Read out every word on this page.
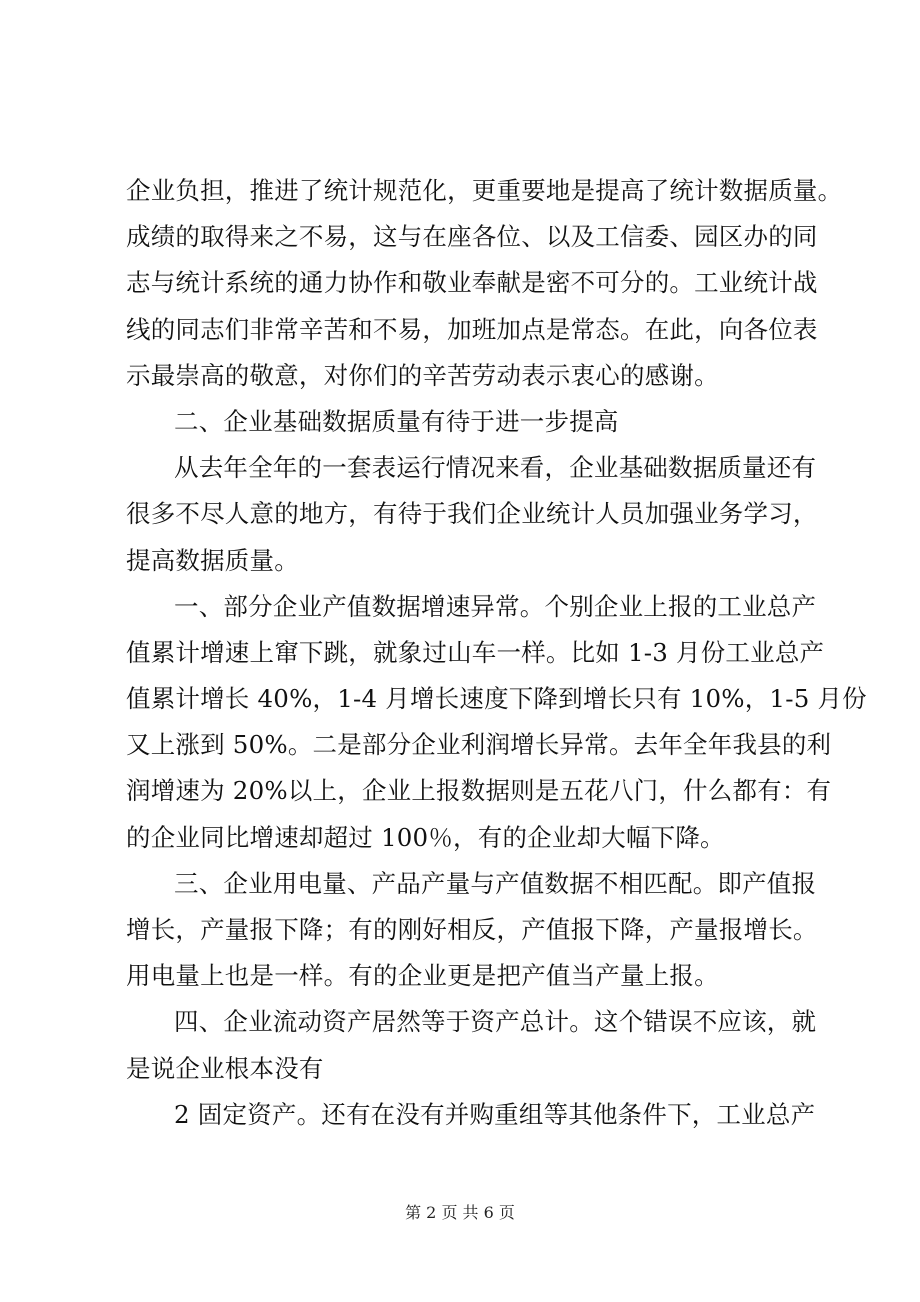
企业负担，推进了统计规范化，更重要地是提高了统计数据质量。
成绩的取得来之不易，这与在座各位、以及工信委、园区办的同
志与统计系统的通力协作和敬业奉献是密不可分的。工业统计战
线的同志们非常辛苦和不易，加班加点是常态。在此，向各位表
示最崇高的敬意，对你们的辛苦劳动表示衷心的感谢。
二、企业基础数据质量有待于进一步提高
从去年全年的一套表运行情况来看，企业基础数据质量还有
很多不尽人意的地方，有待于我们企业统计人员加强业务学习，
提高数据质量。
一、部分企业产值数据增速异常。个别企业上报的工业总产
值累计增速上窜下跳，就象过山车一样。比如 1-3 月份工业总产
值累计增长 40%，1-4 月增长速度下降到增长只有 10%，1-5 月份
又上涨到 50%。二是部分企业利润增长异常。去年全年我县的利
润增速为 20%以上，企业上报数据则是五花八门，什么都有：有
的企业同比增速却超过 100％，有的企业却大幅下降。
三、企业用电量、产品产量与产值数据不相匹配。即产值报
增长，产量报下降；有的刚好相反，产值报下降，产量报增长。
用电量上也是一样。有的企业更是把产值当产量上报。
四、企业流动资产居然等于资产总计。这个错误不应该，就
是说企业根本没有
2 固定资产。还有在没有并购重组等其他条件下，工业总产
第 2 页 共 6 页
